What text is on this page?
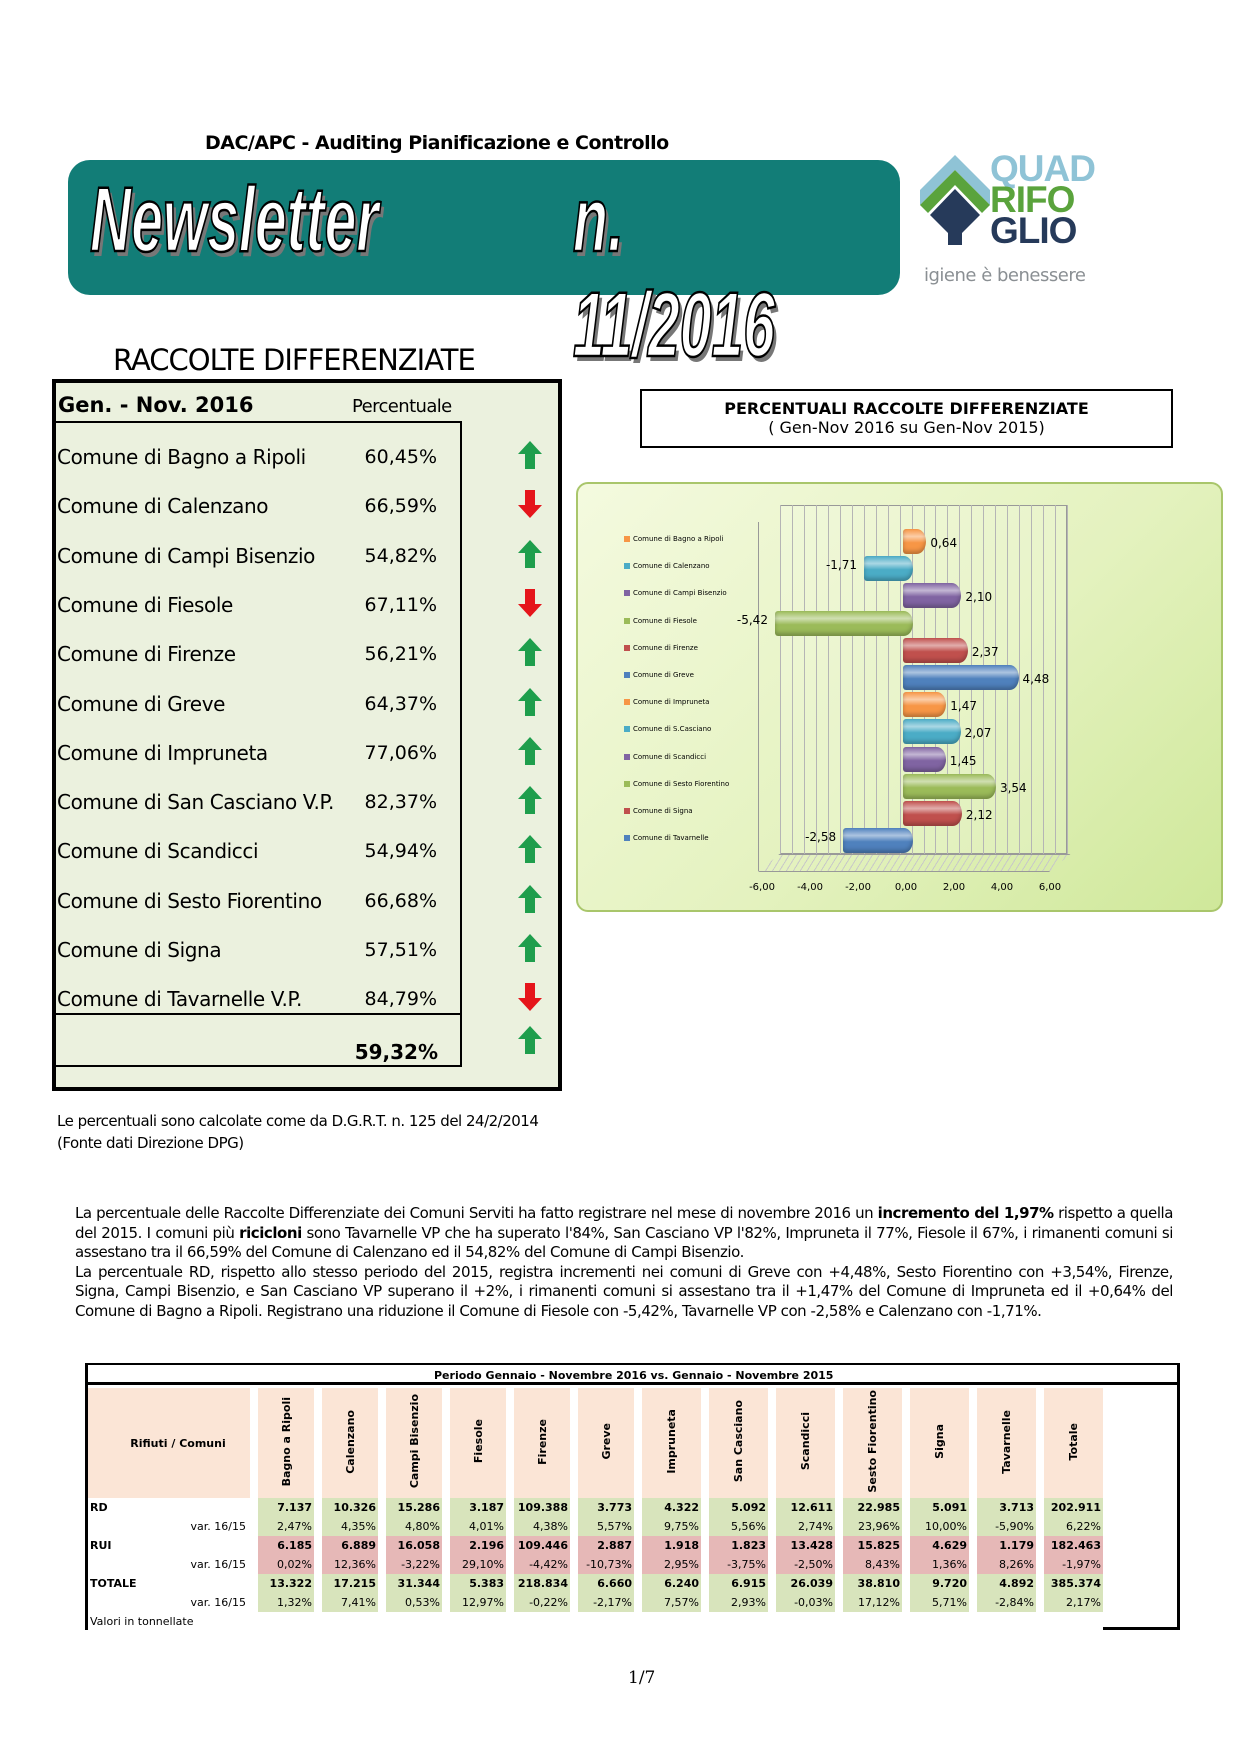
DAC/APC - Auditing Pianificazione e Controllo
Newsletter n. 11/2016
QUAD
RIFO
GLIO
igiene è benessere
RACCOLTE DIFFERENZIATE
Gen. - Nov. 2016	Percentuale
Comune di Bagno a Ripoli	60,45%
Comune di Calenzano	66,59%
Comune di Campi Bisenzio	54,82%
Comune di Fiesole	67,11%
Comune di Firenze	56,21%
Comune di Greve	64,37%
Comune di Impruneta	77,06%
Comune di San Casciano V.P. 82,37%
Comune di Scandicci	54,94%
Comune di Sesto Fiorentino 66,68%
Comune di Signa	57,51%
Comune di Tavarnelle V.P.	84,79%
59,32%
Le percentuali sono calcolate come da D.G.R.T. n. 125 del 24/2/2014
(Fonte dati Direzione DPG)
PERCENTUALI RACCOLTE DIFFERENZIATE
( Gen-Nov 2016 su Gen-Nov 2015)
Comune di Bagno a Ripoli	0,64
Comune di Calenzano	-1,71
Comune di Campi Bisenzio	2,10
Comune di Fiesole	-5,42
Comune di Firenze	2,37
Comune di Greve	4,48
Comune di Impruneta	1,47
Comune di S.Casciano	2,07
Comune di Scandicci	1,45
Comune di Sesto Fiorentino	3,54
Comune di Signa	2,12
Comune di Tavarnelle	-2,58
-6,00 -4,00 -2,00 0,00	2,00	4,00	6,00
La percentuale delle Raccolte Differenziate dei Comuni Serviti ha fatto registrare nel mese di novembre 2016 un incremento del 1,97% rispetto a quella del 2015. I comuni più ricicloni sono Tavarnelle VP che ha superato l'84%, San Casciano VP l'82%, Impruneta il 77%, Fiesole il 67%, i rimanenti comuni si assestano tra il 66,59% del Comune di Calenzano ed il 54,82% del Comune di Campi Bisenzio.
La percentuale RD, rispetto allo stesso periodo del 2015, registra incrementi nei comuni di Greve con +4,48%, Sesto Fiorentino con +3,54%, Firenze, Signa, Campi Bisenzio, e San Casciano VP superano il +2%, i rimanenti comuni si assestano tra il +1,47% del Comune di Impruneta ed il +0,64% del Comune di Bagno a Ripoli. Registrano una riduzione il Comune di Fiesole con -5,42%, Tavarnelle VP con -2,58% e Calenzano con -1,71%.
Periodo Gennaio - Novembre 2016 vs. Gennaio - Novembre 2015
Rifiuti / Comuni		Bagno a Ripoli	Calenzano	Campi Bisenzio	Fiesole	Firenze	Greve	Impruneta	San Casciano	Scandicci	Sesto Fiorentino	Signa	Tavarnelle	Totale
RD		7.137	10.326	15.286	3.187	109.388	3.773	4.322	5.092	12.611	22.985	5.091	3.713	202.911
	var. 16/15	2,47%	4,35%	4,80%	4,01%	4,38%	5,57%	9,75%	5,56%	2,74%	23,96%	10,00%	-5,90%	6,22%
RUI		6.185	6.889	16.058	2.196	109.446	2.887	1.918	1.823	13.428	15.825	4.629	1.179	182.463
	var. 16/15	0,02%	12,36%	-3,22%	29,10%	-4,42%	-10,73%	2,95%	-3,75%	-2,50%	8,43%	1,36%	8,26%	-1,97%
TOTALE		13.322	17.215	31.344	5.383	218.834	6.660	6.240	6.915	26.039	38.810	9.720	4.892	385.374
	var. 16/15	1,32%	7,41%	0,53%	12,97%	-0,22%	-2,17%	7,57%	2,93%	-0,03%	17,12%	5,71%	-2,84%	2,17%
Valori in tonnellate														
1/7
